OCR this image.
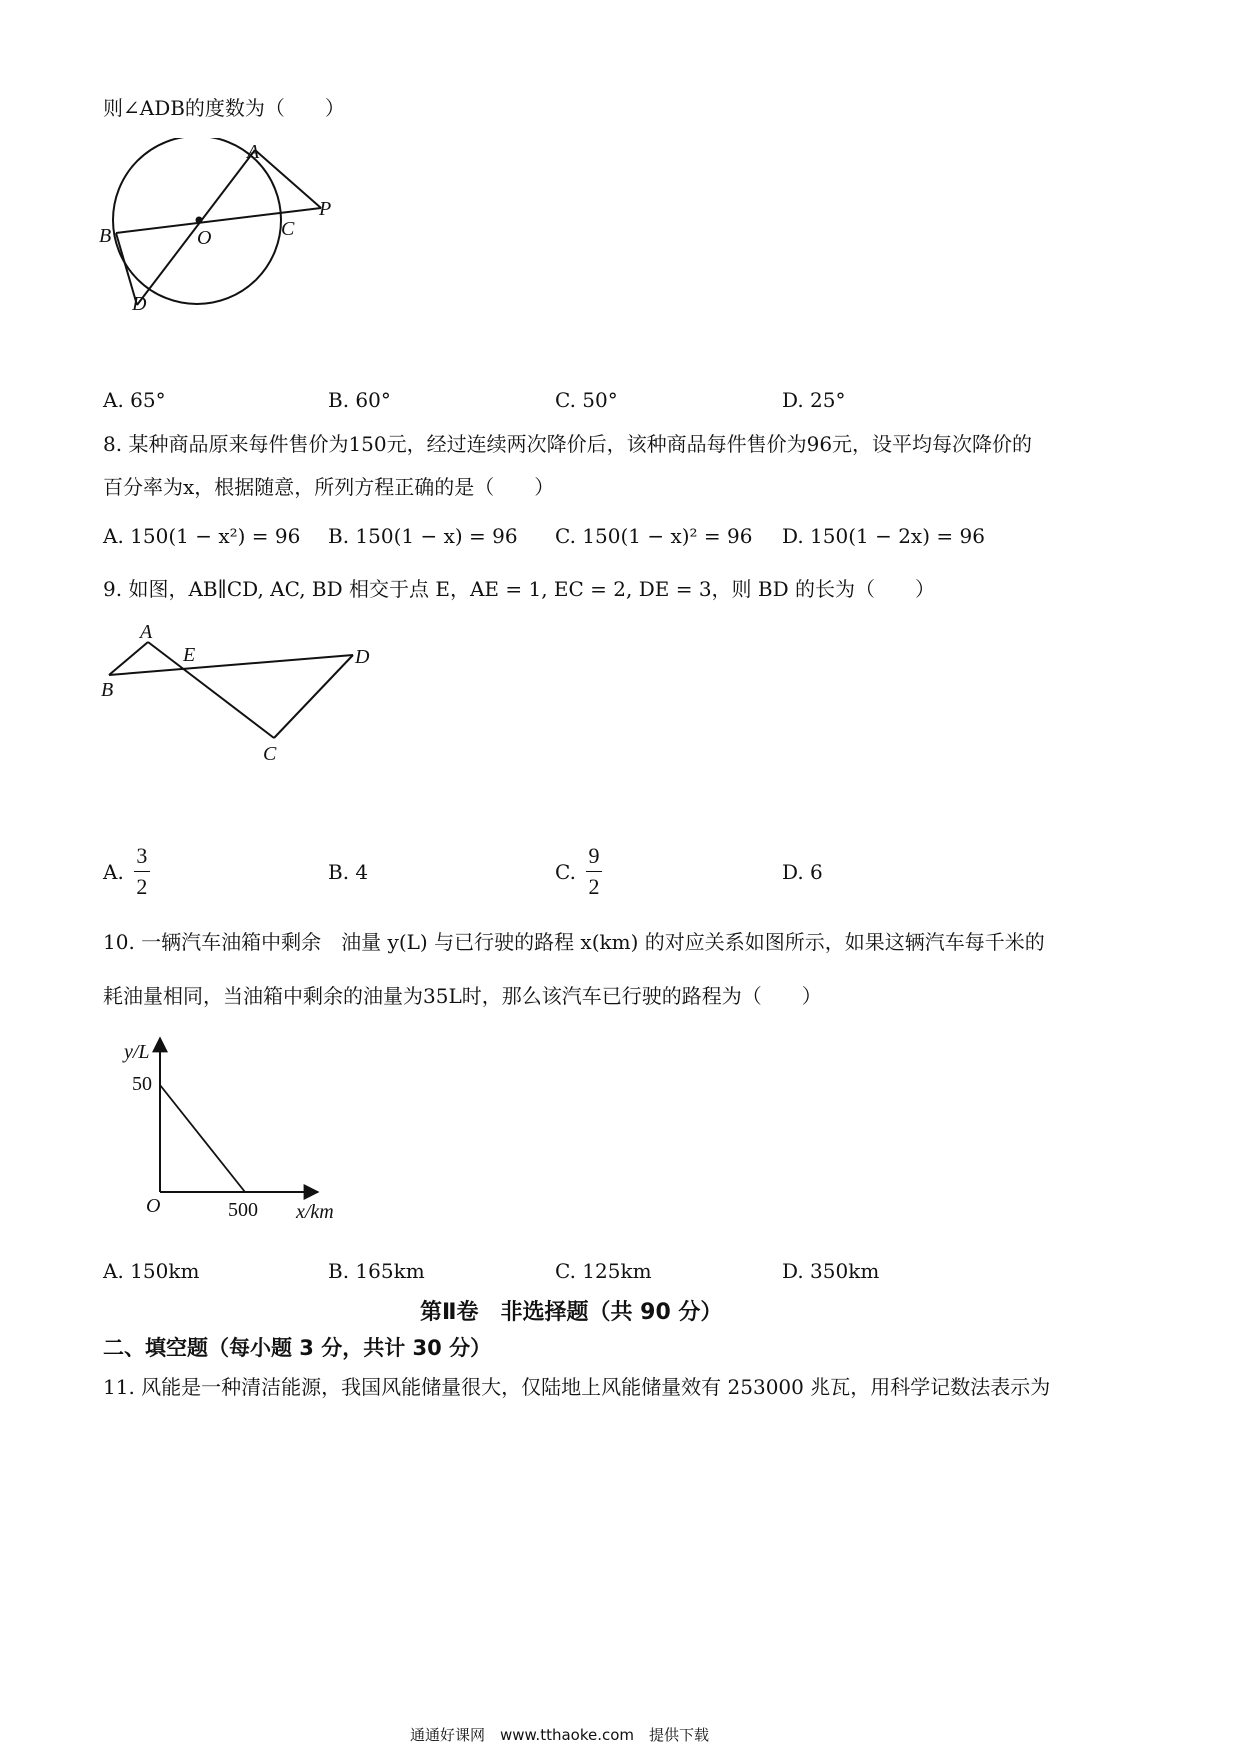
则∠ADB的度数为（　　）
A
B	C
D
O
P
A. 65°	B. 60°	C. 50°	D. 25°
8. 某种商品原来每件售价为150元，经过连续两次降价后，该种商品每件售价为96元，设平均每次降价的
百分率为x，根据随意，所列方程正确的是（　　）
A. 150(1 − x²) = 96 B. 150(1 − x) = 96 C. 150(1 − x)² = 96 D. 150(1 − 2x) = 96
9. 如图，AB∥CD, AC, BD 相交于点 E，AE = 1, EC = 2, DE = 3，则 BD 的长为（　　）
A
B
C
D
E
A. $\frac{3}{2}$	B. 4	C. $\frac{9}{2}$	D. 6
10. 一辆汽车油箱中剩余　油量 y(L) 与已行驶的路程 x(km) 的对应关系如图所示，如果这辆汽车每千米的
耗油量相同，当油箱中剩余的油量为35L时，那么该汽车已行驶的路程为（　　）
y/L
50
O	500 x/km
A. 150km	B. 165km	C. 125km	D. 350km
第Ⅱ卷　非选择题（共 90 分）
二、填空题（每小题 3 分，共计 30 分）
11. 风能是一种清洁能源，我国风能储量很大，仅陆地上风能储量效有 253000 兆瓦，用科学记数法表示为
通通好课网　www.tthaoke.com　提供下载
